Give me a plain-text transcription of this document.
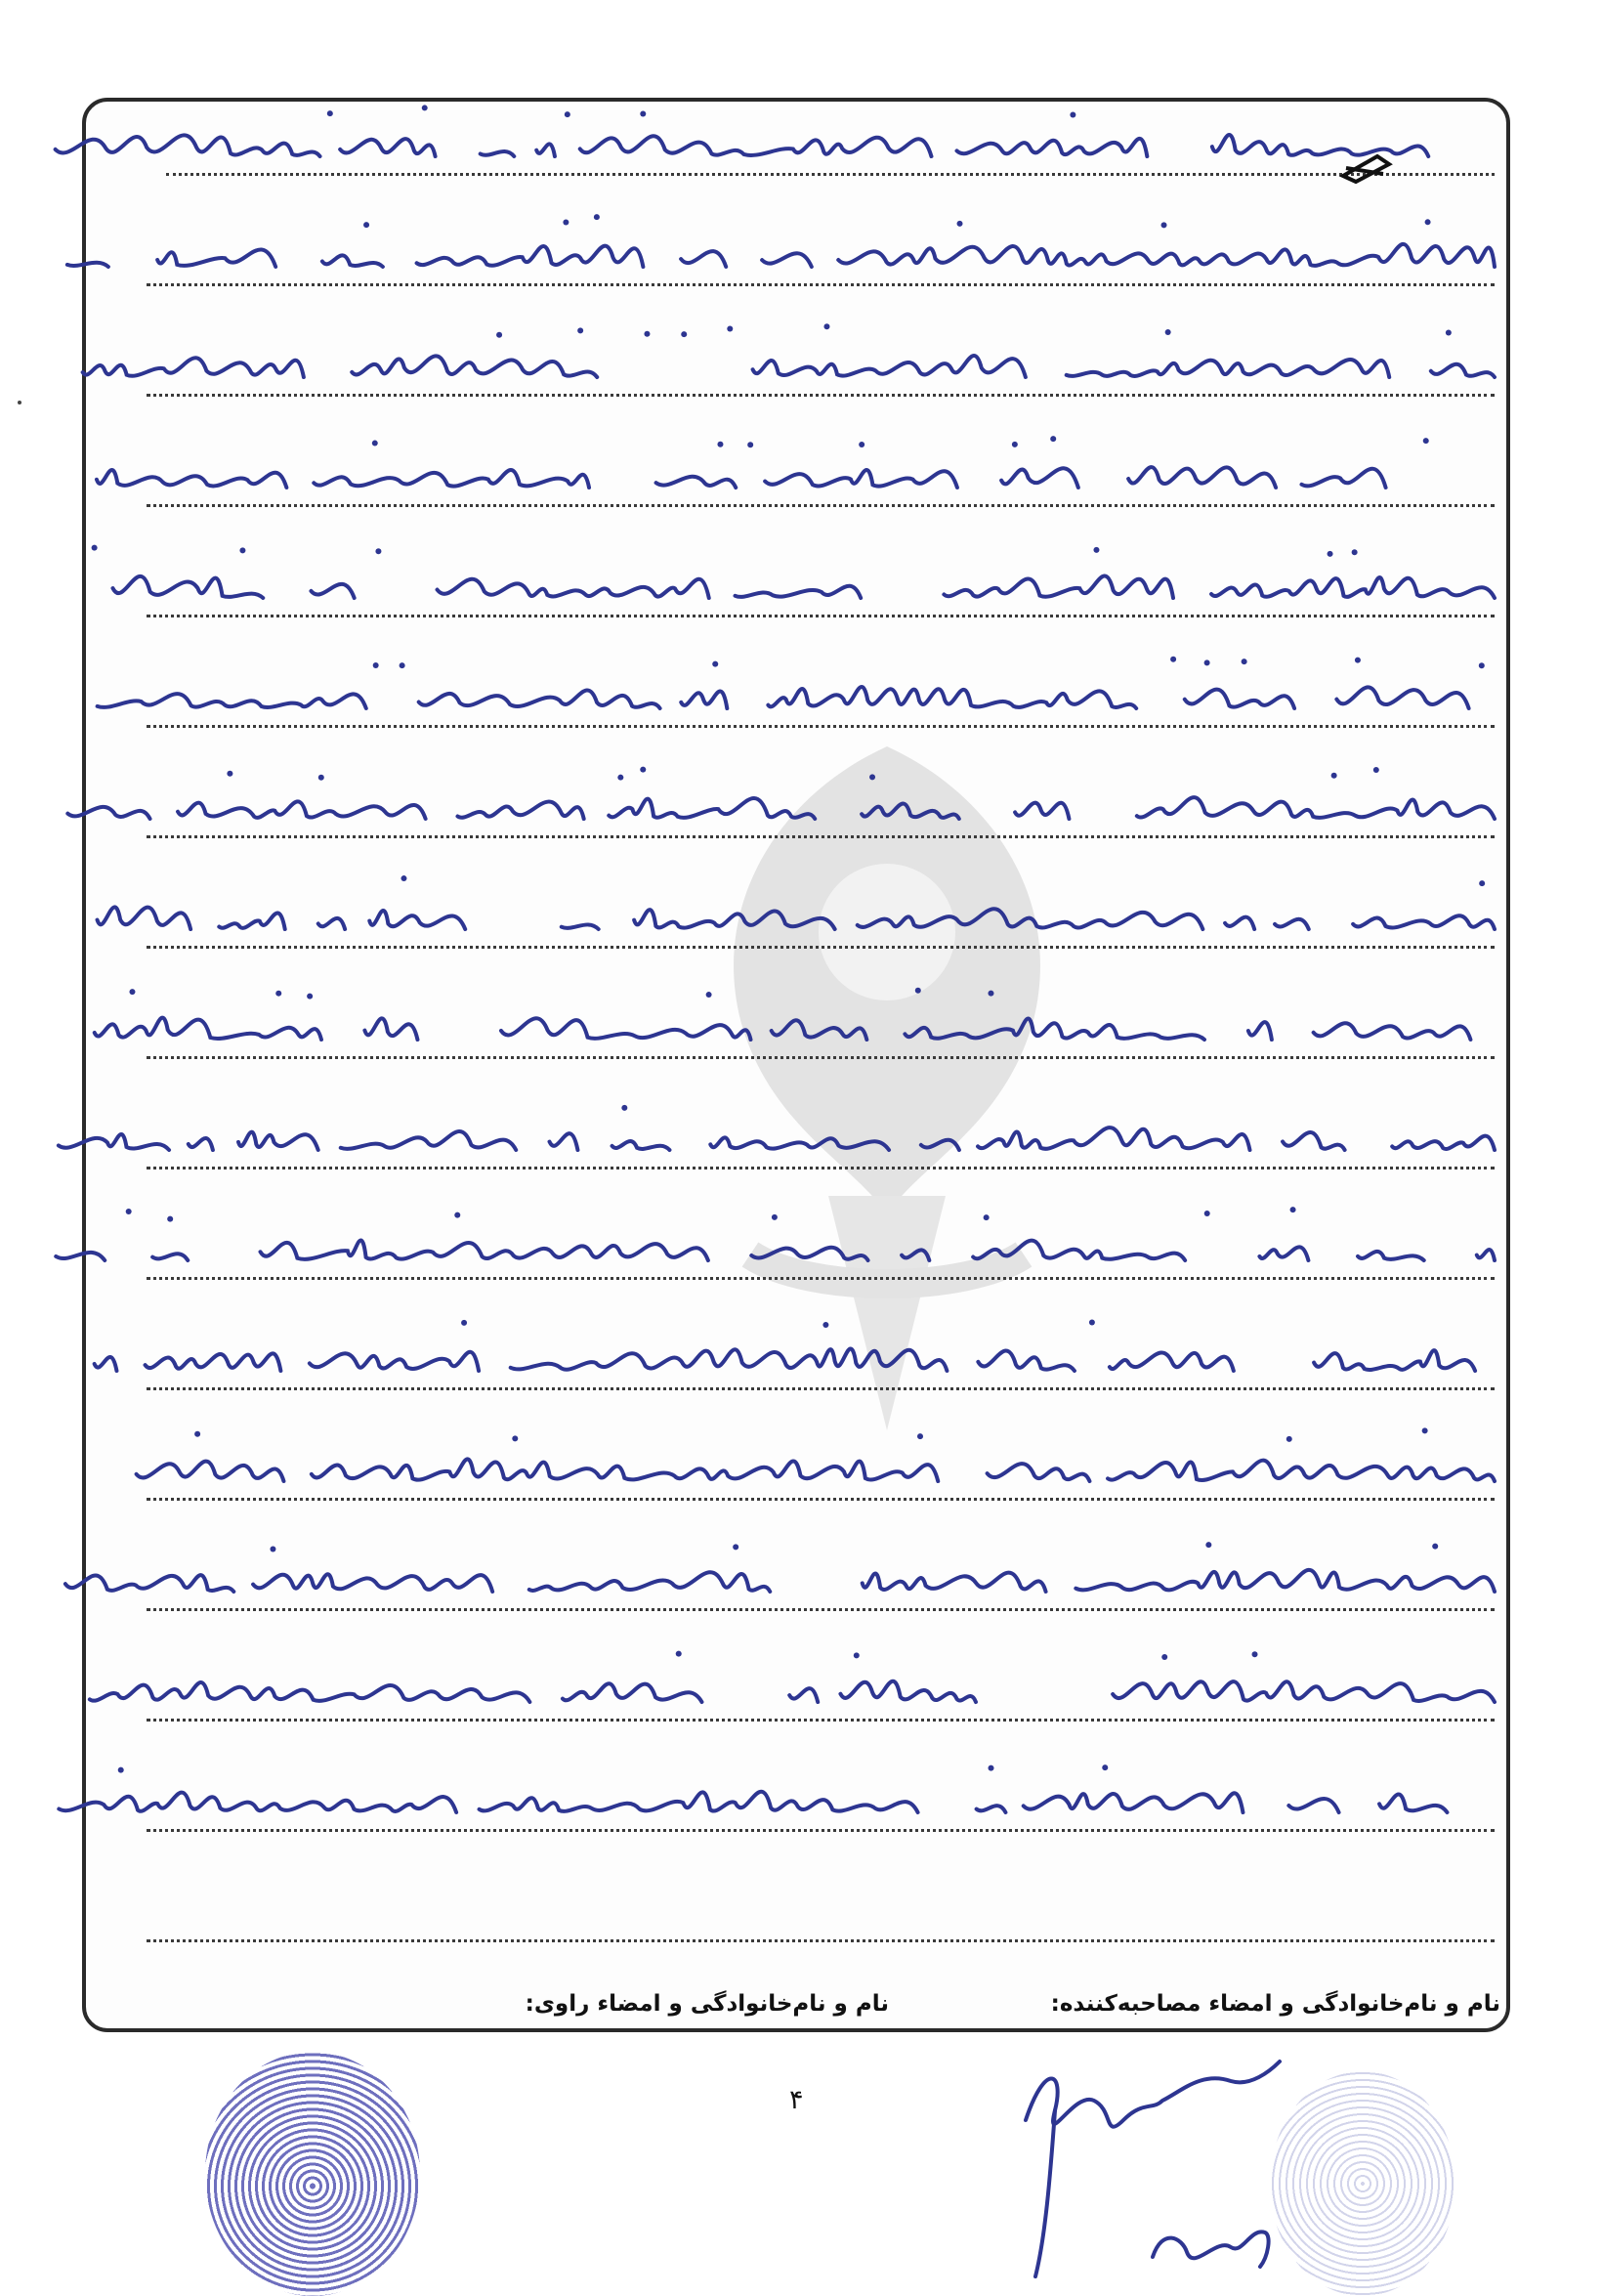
نام و نام‌خانوادگی و امضاء مصاحبه‌کننده:
نام و نام‌خانوادگی و امضاء راوی:
۴
